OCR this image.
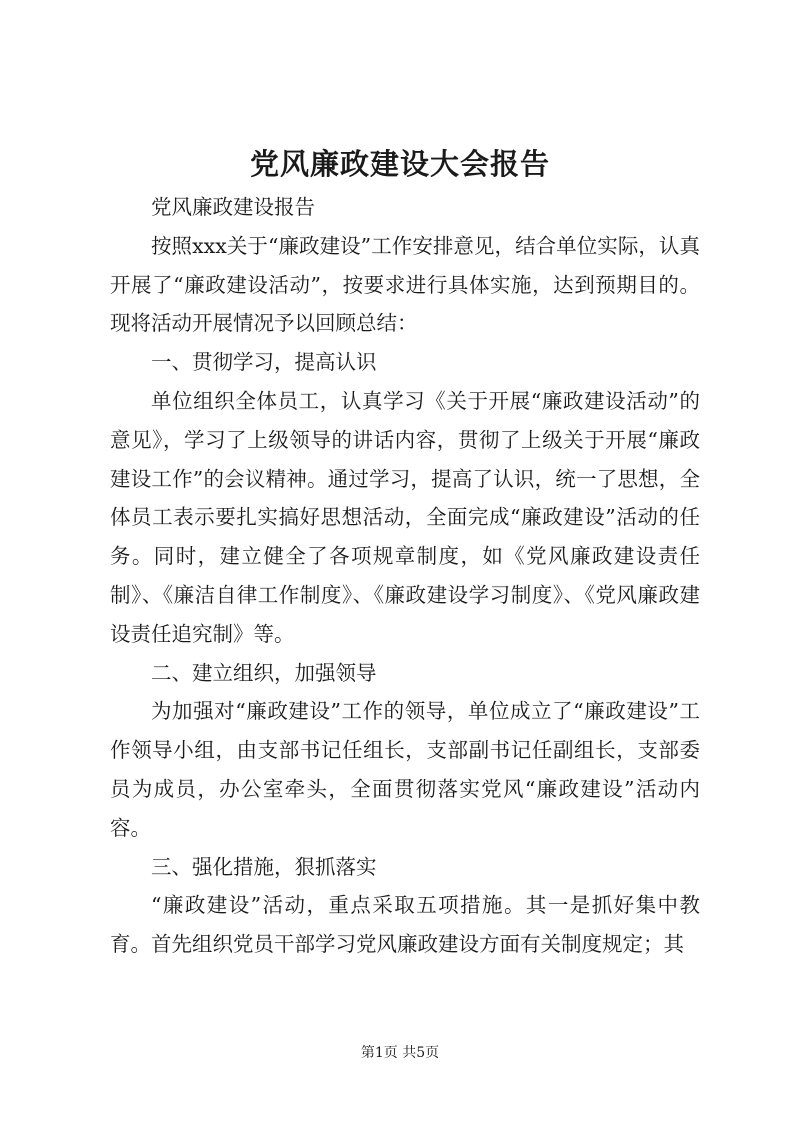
党风廉政建设大会报告

党风廉政建设报告

按照xxx关于“廉政建设”工作安排意见，结合单位实际，认真开展了“廉政建设活动”，按要求进行具体实施，达到预期目的。现将活动开展情况予以回顾总结：

一、贯彻学习，提高认识

单位组织全体员工，认真学习《关于开展“廉政建设活动”的意见》，学习了上级领导的讲话内容，贯彻了上级关于开展“廉政建设工作”的会议精神。通过学习，提高了认识，统一了思想，全体员工表示要扎实搞好思想活动，全面完成“廉政建设”活动的任务。同时，建立健全了各项规章制度，如《党风廉政建设责任制》、《廉洁自律工作制度》、《廉政建设学习制度》、《党风廉政建设责任追究制》等。

二、建立组织，加强领导

为加强对“廉政建设”工作的领导，单位成立了“廉政建设”工作领导小组，由支部书记任组长，支部副书记任副组长，支部委员为成员，办公室牵头，全面贯彻落实党风“廉政建设”活动内容。

三、强化措施，狠抓落实

“廉政建设”活动，重点采取五项措施。其一是抓好集中教育。首先组织党员干部学习党风廉政建设方面有关制度规定；其

第1页 共5页
